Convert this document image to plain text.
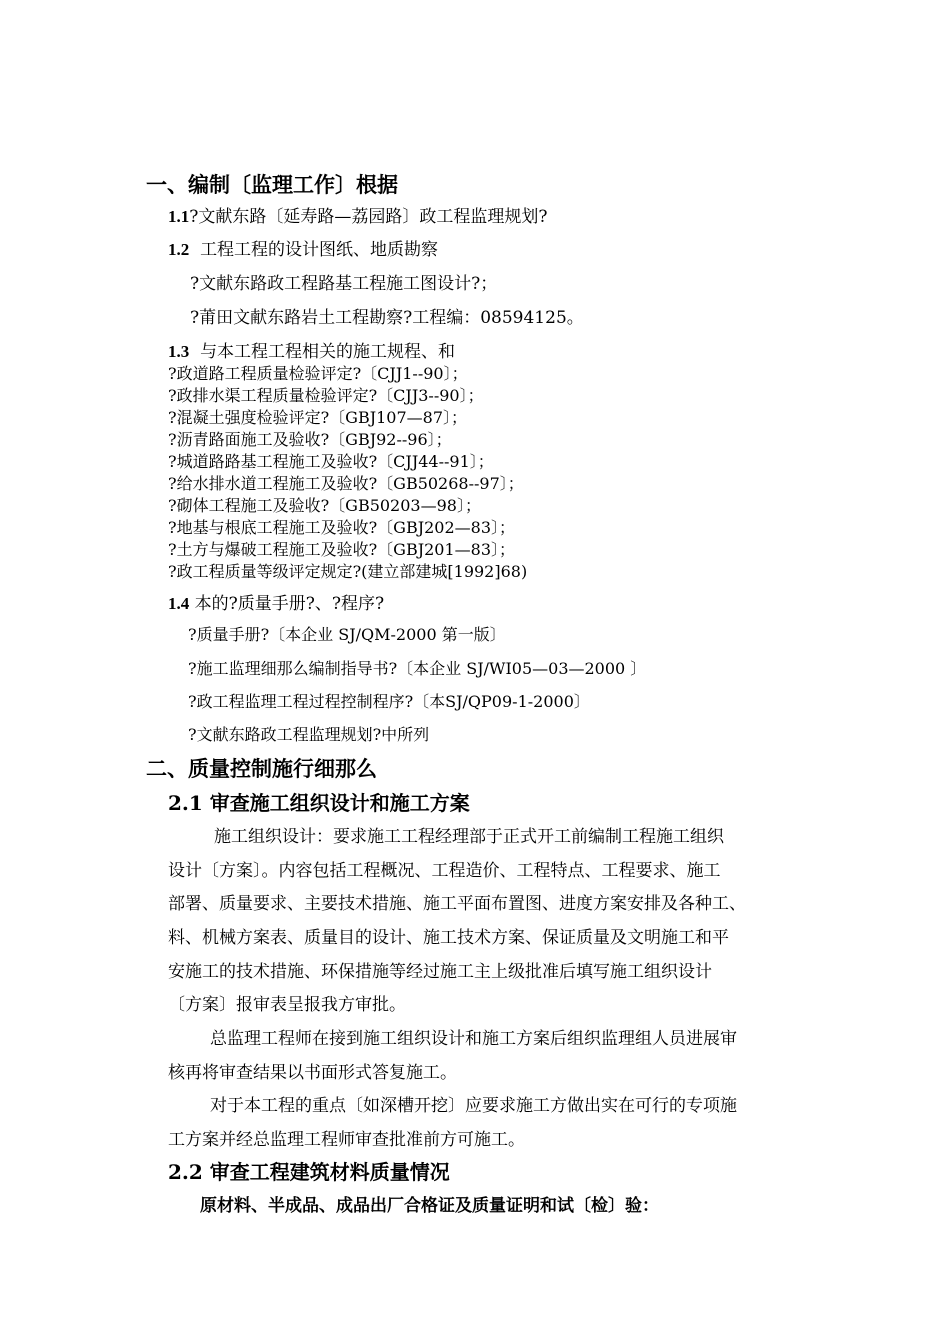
一、编制〔监理工作〕根据
1.1?文献东路〔延寿路—荔园路〕政工程监理规划?
1.2 工程工程的设计图纸、地质勘察
?文献东路政工程路基工程施工图设计?；
?莆田文献东路岩土工程勘察?工程编：08594125。
1.3 与本工程工程相关的施工规程、和
?政道路工程质量检验评定?〔CJJ1--90〕；
?政排水渠工程质量检验评定?〔CJJ3--90〕；
?混凝土强度检验评定?〔GBJ107—87〕；
?沥青路面施工及验收?〔GBJ92--96〕；
?城道路路基工程施工及验收?〔CJJ44--91〕；
?给水排水道工程施工及验收?〔GB50268--97〕；
?砌体工程施工及验收?〔GB50203—98〕；
?地基与根底工程施工及验收?〔GBJ202—83〕；
?土方与爆破工程施工及验收?〔GBJ201—83〕；
?政工程质量等级评定规定?(建立部建城[1992]68)
1.4 本的?质量手册?、?程序?
?质量手册?〔本企业 SJ/QM-2000 第一版〕
?施工监理细那么编制指导书?〔本企业 SJ/WI05—03—2000 〕
?政工程监理工程过程控制程序?〔本SJ/QP09-1-2000〕
?文献东路政工程监理规划?中所列
二、质量控制施行细那么
2.1 审查施工组织设计和施工方案
施工组织设计：要求施工工程经理部于正式开工前编制工程施工组织
设计〔方案〕。内容包括工程概况、工程造价、工程特点、工程要求、施工
部署、质量要求、主要技术措施、施工平面布置图、进度方案安排及各种工、
料、机械方案表、质量目的设计、施工技术方案、保证质量及文明施工和平
安施工的技术措施、环保措施等经过施工主上级批准后填写施工组织设计
〔方案〕报审表呈报我方审批。
总监理工程师在接到施工组织设计和施工方案后组织监理组人员进展审
核再将审查结果以书面形式答复施工。
对于本工程的重点〔如深槽开挖〕应要求施工方做出实在可行的专项施
工方案并经总监理工程师审查批准前方可施工。
2.2 审查工程建筑材料质量情况
原材料、半成品、成品出厂合格证及质量证明和试〔检〕验：
